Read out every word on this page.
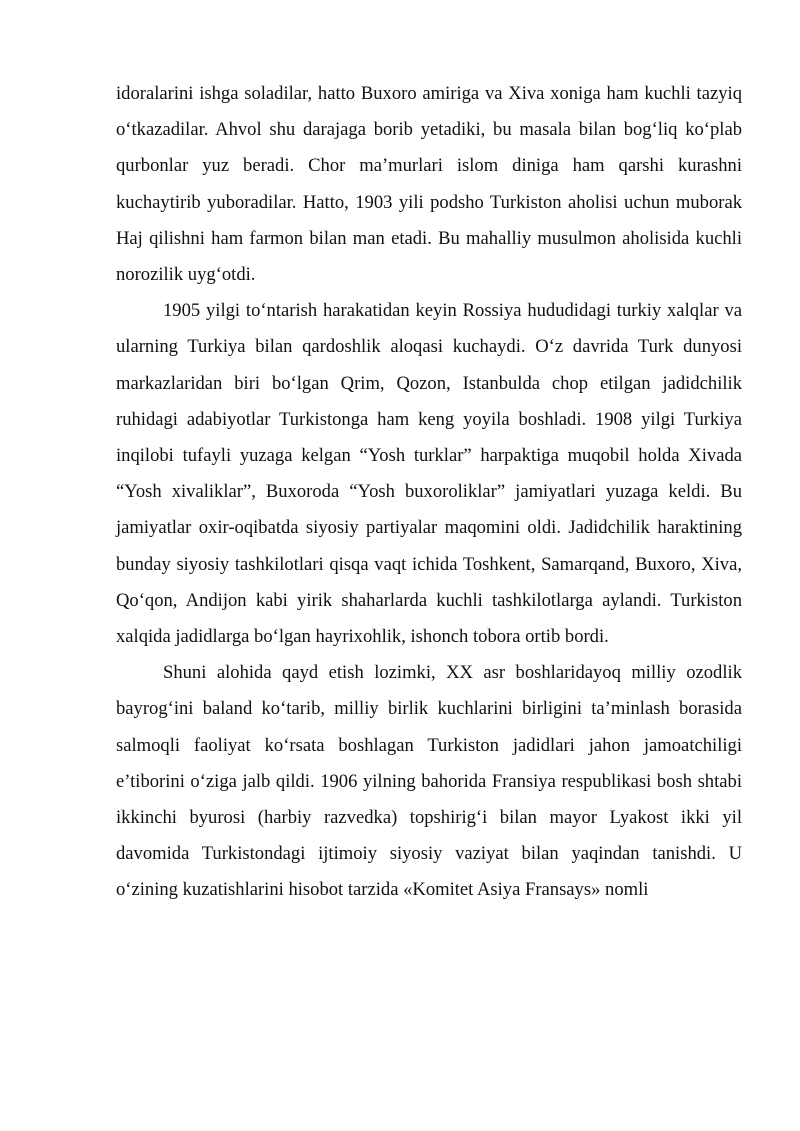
idoralarini ishga soladilar, hatto Buxoro amiriga va Xiva xoniga ham kuchli tazyiq o‘tkazadilar. Ahvol shu darajaga borib yetadiki, bu masala bilan bog‘liq ko‘plab qurbonlar yuz beradi. Chor ma’murlari islom diniga ham qarshi kurashni kuchaytirib yuboradilar. Hatto, 1903 yili podsho Turkiston aholisi uchun muborak Haj qilishni ham farmon bilan man etadi. Bu mahalliy musulmon aholisida kuchli norozilik uyg‘otdi.

1905 yilgi to‘ntarish harakatidan keyin Rossiya hududidagi turkiy xalqlar va ularning Turkiya bilan qardoshlik aloqasi kuchaydi. O‘z davrida Turk dunyosi markazlaridan biri bo‘lgan Qrim, Qozon, Istanbulda chop etilgan jadidchilik ruhidagi adabiyotlar Turkistonga ham keng yoyila boshladi. 1908 yilgi Turkiya inqilobi tufayli yuzaga kelgan “Yosh turklar” harpaktiga muqobil holda Xivada “Yosh xivaliklar”, Buxoroda “Yosh buxoroliklar” jamiyatlari yuzaga keldi. Bu jamiyatlar oxir-oqibatda siyosiy partiyalar maqomini oldi. Jadidchilik haraktining bunday siyosiy tashkilotlari qisqa vaqt ichida Toshkent, Samarqand, Buxoro, Xiva, Qo‘qon, Andijon kabi yirik shaharlarda kuchli tashkilotlarga aylandi. Turkiston xalqida jadidlarga bo‘lgan hayrixohlik, ishonch tobora ortib bordi.

Shuni alohida qayd etish lozimki, XX asr boshlaridayoq milliy ozodlik bayrog‘ini baland ko‘tarib, milliy birlik kuchlarini birligini ta’minlash borasida salmoqli faoliyat ko‘rsata boshlagan Turkiston jadidlari jahon jamoatchiligi e’tiborini o‘ziga jalb qildi. 1906 yilning bahorida Fransiya respublikasi bosh shtabi ikkinchi byurosi (harbiy razvedka) topshirig‘i bilan mayor Lyakost ikki yil davomida Turkistondagi ijtimoiy siyosiy vaziyat bilan yaqindan tanishdi. U o‘zining kuzatishlarini hisobot tarzida «Komitet Asiya Fransays» nomli
